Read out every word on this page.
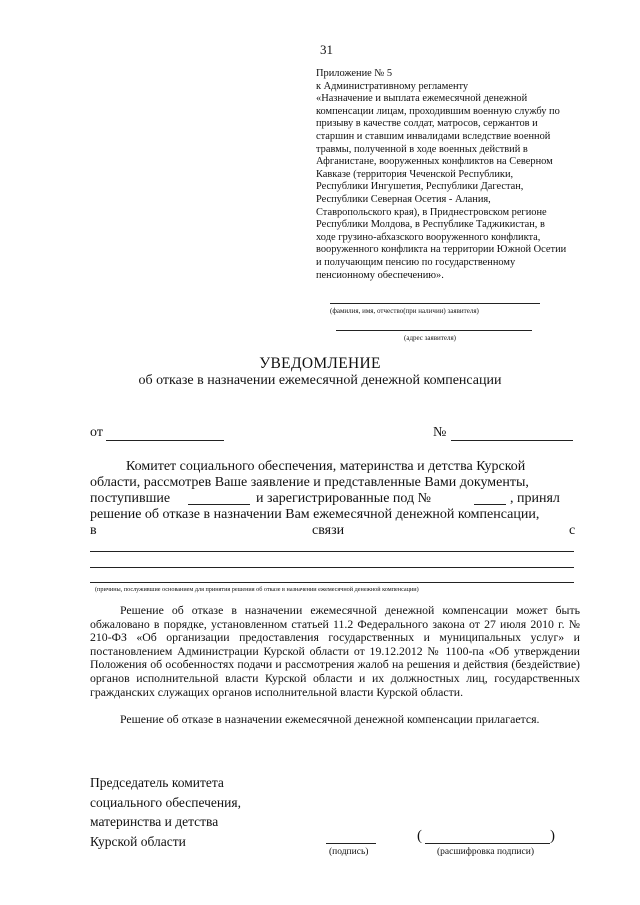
31
Приложение № 5
к Административному регламенту
«Назначение и выплата ежемесячной денежной
компенсации лицам, проходившим военную службу по
призыву в качестве солдат, матросов, сержантов и
старшин и ставшим инвалидами вследствие военной
травмы, полученной в ходе военных действий в
Афганистане, вооруженных конфликтов на Северном
Кавказе (территория Чеченской Республики,
Республики Ингушетия, Республики Дагестан,
Республики Северная Осетия - Алания,
Ставропольского края), в Приднестровском регионе
Республики Молдова, в Республике Таджикистан, в
ходе грузино-абхазского вооруженного конфликта,
вооруженного конфликта на территории Южной Осетии
и получающим пенсию по государственному
пенсионному обеспечению».
(фамилия, имя, отчество(при наличии) заявителя)
(адрес заявителя)
УВЕДОМЛЕНИЕ
об отказе в назначении ежемесячной денежной компенсации
от	№
Комитет социального обеспечения, материнства и детства Курской
области, рассмотрев Ваше заявление и представленные Вами документы,
поступившие	и зарегистрированные под №	, принял
решение об отказе в назначении Вам ежемесячной денежной компенсации,
в	связи	с
(причины, послужившие основанием для принятия решения об отказе в назначении ежемесячной денежной компенсации)
Решение об отказе в назначении ежемесячной денежной компенсации может быть обжаловано в порядке, установленном статьей 11.2 Федерального закона от 27 июля 2010 г. № 210-ФЗ «Об организации предоставления государственных и муниципальных услуг» и постановлением Администрации Курской области от 19.12.2012 № 1100-па «Об утверждении Положения об особенностях подачи и рассмотрения жалоб на решения и действия (бездействие) органов исполнительной власти Курской области и их должностных лиц, государственных гражданских служащих органов исполнительной власти Курской области.
Решение об отказе в назначении ежемесячной денежной компенсации прилагается.
Председатель комитета
социального обеспечения,
материнства и детства
Курской области
(подпись)
(	)
(расшифровка подписи)
